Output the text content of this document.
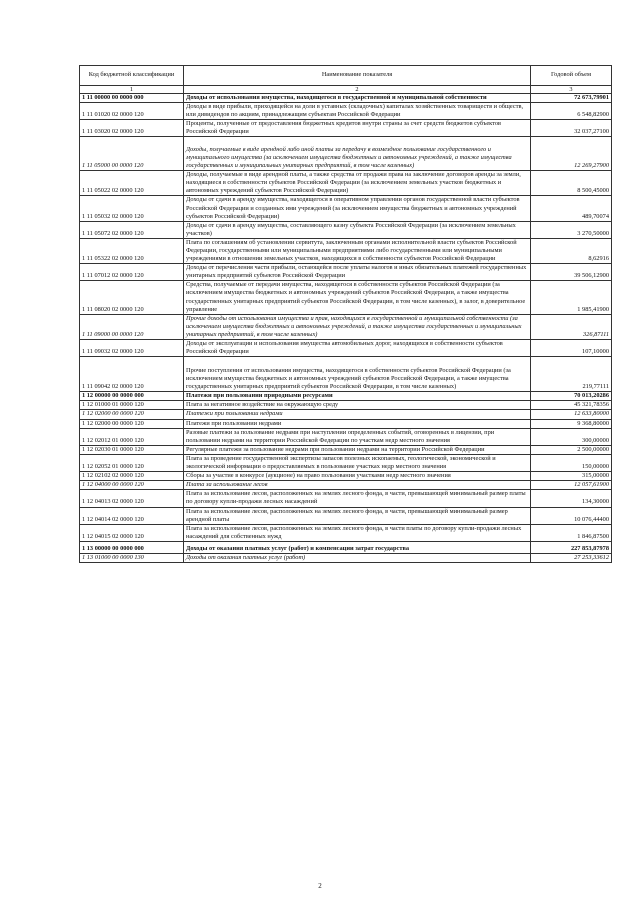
Код бюджетной классификации	Наименование показателя	Годовой объем
1	2	3
1 11 00000 00 0000 000	Доходы от использования имущества, находящегося в государственной и муниципальной собственности	72 673,79901
1 11 01020 02 0000 120	Доходы в виде прибыли, приходящейся на доли в уставных (складочных) капиталах хозяйственных товариществ и обществ, или дивидендов по акциям, принадлежащим субъектам Российской Федерации	6 548,82900
1 11 03020 02 0000 120	Проценты, полученные от предоставления бюджетных кредитов внутри страны за счет средств бюджетов субъектов Российской Федерации	32 037,27100
1 11 05000 00 0000 120	Доходы, получаемые в виде арендной либо иной платы за передачу в возмездное пользование государственного и муниципального имущества (за исключением имущества бюджетных и автономных учреждений, а также имущества государственных и муниципальных унитарных предприятий, в том числе казенных)	12 269,27900
1 11 05022 02 0000 120	Доходы, получаемые в виде арендной платы, а также средства от продажи права на заключение договоров аренды за земли, находящиеся в собственности субъектов Российской Федерации (за исключением земельных участков бюджетных и автономных учреждений субъектов Российской Федерации)	8 500,45000
1 11 05032 02 0000 120	Доходы от сдачи в аренду имущества, находящегося в оперативном управлении органов государственной власти субъектов Российской Федерации и созданных ими учреждений (за исключением имущества бюджетных и автономных учреждений субъектов Российской Федерации)	489,70074
1 11 05072 02 0000 120	Доходы от сдачи в аренду имущества, составляющего казну субъекта Российской Федерации (за исключением земельных участков)	3 270,50000
1 11 05322 02 0000 120	Плата по соглашениям об установлении сервитута, заключенным органами исполнительной власти субъектов Российской Федерации, государственными или муниципальными предприятиями либо государственными или муниципальными учреждениями в отношении земельных участков, находящихся в собственности субъектов Российской Федерации	8,62916
1 11 07012 02 0000 120	Доходы от перечисления части прибыли, остающейся после уплаты налогов и иных обязательных платежей государственных унитарных предприятий субъектов Российской Федерации	39 506,12900
1 11 08020 02 0000 120	Средства, получаемые от передачи имущества, находящегося в собственности субъектов Российской Федерации (за исключением имущества бюджетных и автономных учреждений субъектов Российской Федерации, а также имущества государственных унитарных предприятий субъектов Российской Федерации, в том числе казенных), в залог, в доверительное управление	1 985,41900
1 11 09000 00 0000 120	Прочие доходы от использования имущества и прав, находящихся в государственной и муниципальной собственности (за исключением имущества бюджетных и автономных учреждений, а также имущества государственных и муниципальных унитарных предприятий, в том числе казенных)	326,87111
1 11 09032 02 0000 120	Доходы от эксплуатации и использования имущества автомобильных дорог, находящихся в собственности субъектов Российской Федерации	107,10000
1 11 09042 02 0000 120	Прочие поступления от использования имущества, находящегося в собственности субъектов Российской Федерации (за исключением имущества бюджетных и автономных учреждений субъектов Российской Федерации, а также имущества государственных унитарных предприятий субъектов Российской Федерации, в том числе казенных)	219,77111
1 12 00000 00 0000 000	Платежи при пользовании природными ресурсами	70 013,20286
1 12 01000 01 0000 120	Плата за негативное воздействие на окружающую среду	45 321,78356
1 12 02000 00 0000 120	Платежи при пользовании недрами	12 633,80000
1 12 02000 00 0000 120	Платежи при пользовании недрами	9 368,80000
1 12 02012 01 0000 120	Разовые платежи за пользование недрами при наступлении определенных событий, оговоренных в лицензии, при пользовании недрами на территории Российской Федерации по участкам недр местного значения	300,00000
1 12 02030 01 0000 120	Регулярные платежи за пользование недрами при пользовании недрами на территории Российской Федерации	2 500,00000
1 12 02052 01 0000 120	Плата за проведение государственной экспертизы запасов полезных ископаемых, геологической, экономической и экологической информации о предоставляемых в пользование участках недр местного значения	150,00000
1 12 02102 02 0000 120	Сборы за участие в конкурсе (аукционе) на право пользования участками недр местного значения	315,00000
1 12 04000 00 0000 120	Плата за использование лесов	12 057,61900
1 12 04013 02 0000 120	Плата за использование лесов, расположенных на землях лесного фонда, в части, превышающей минимальный размер платы по договору купли-продажи лесных насаждений	134,30000
1 12 04014 02 0000 120	Плата за использование лесов, расположенных на землях лесного фонда, в части, превышающей минимальный размер арендной платы	10 076,44400
1 12 04015 02 0000 120	Плата за использование лесов, расположенных на землях лесного фонда, в части платы по договору купли-продажи лесных насаждений для собственных нужд	1 846,87500
1 13 00000 00 0000 000	Доходы от оказания платных услуг (работ) и компенсации затрат государства	227 853,87978
1 13 01000 00 0000 130	Доходы от оказания платных услуг (работ)	27 253,33612
2
